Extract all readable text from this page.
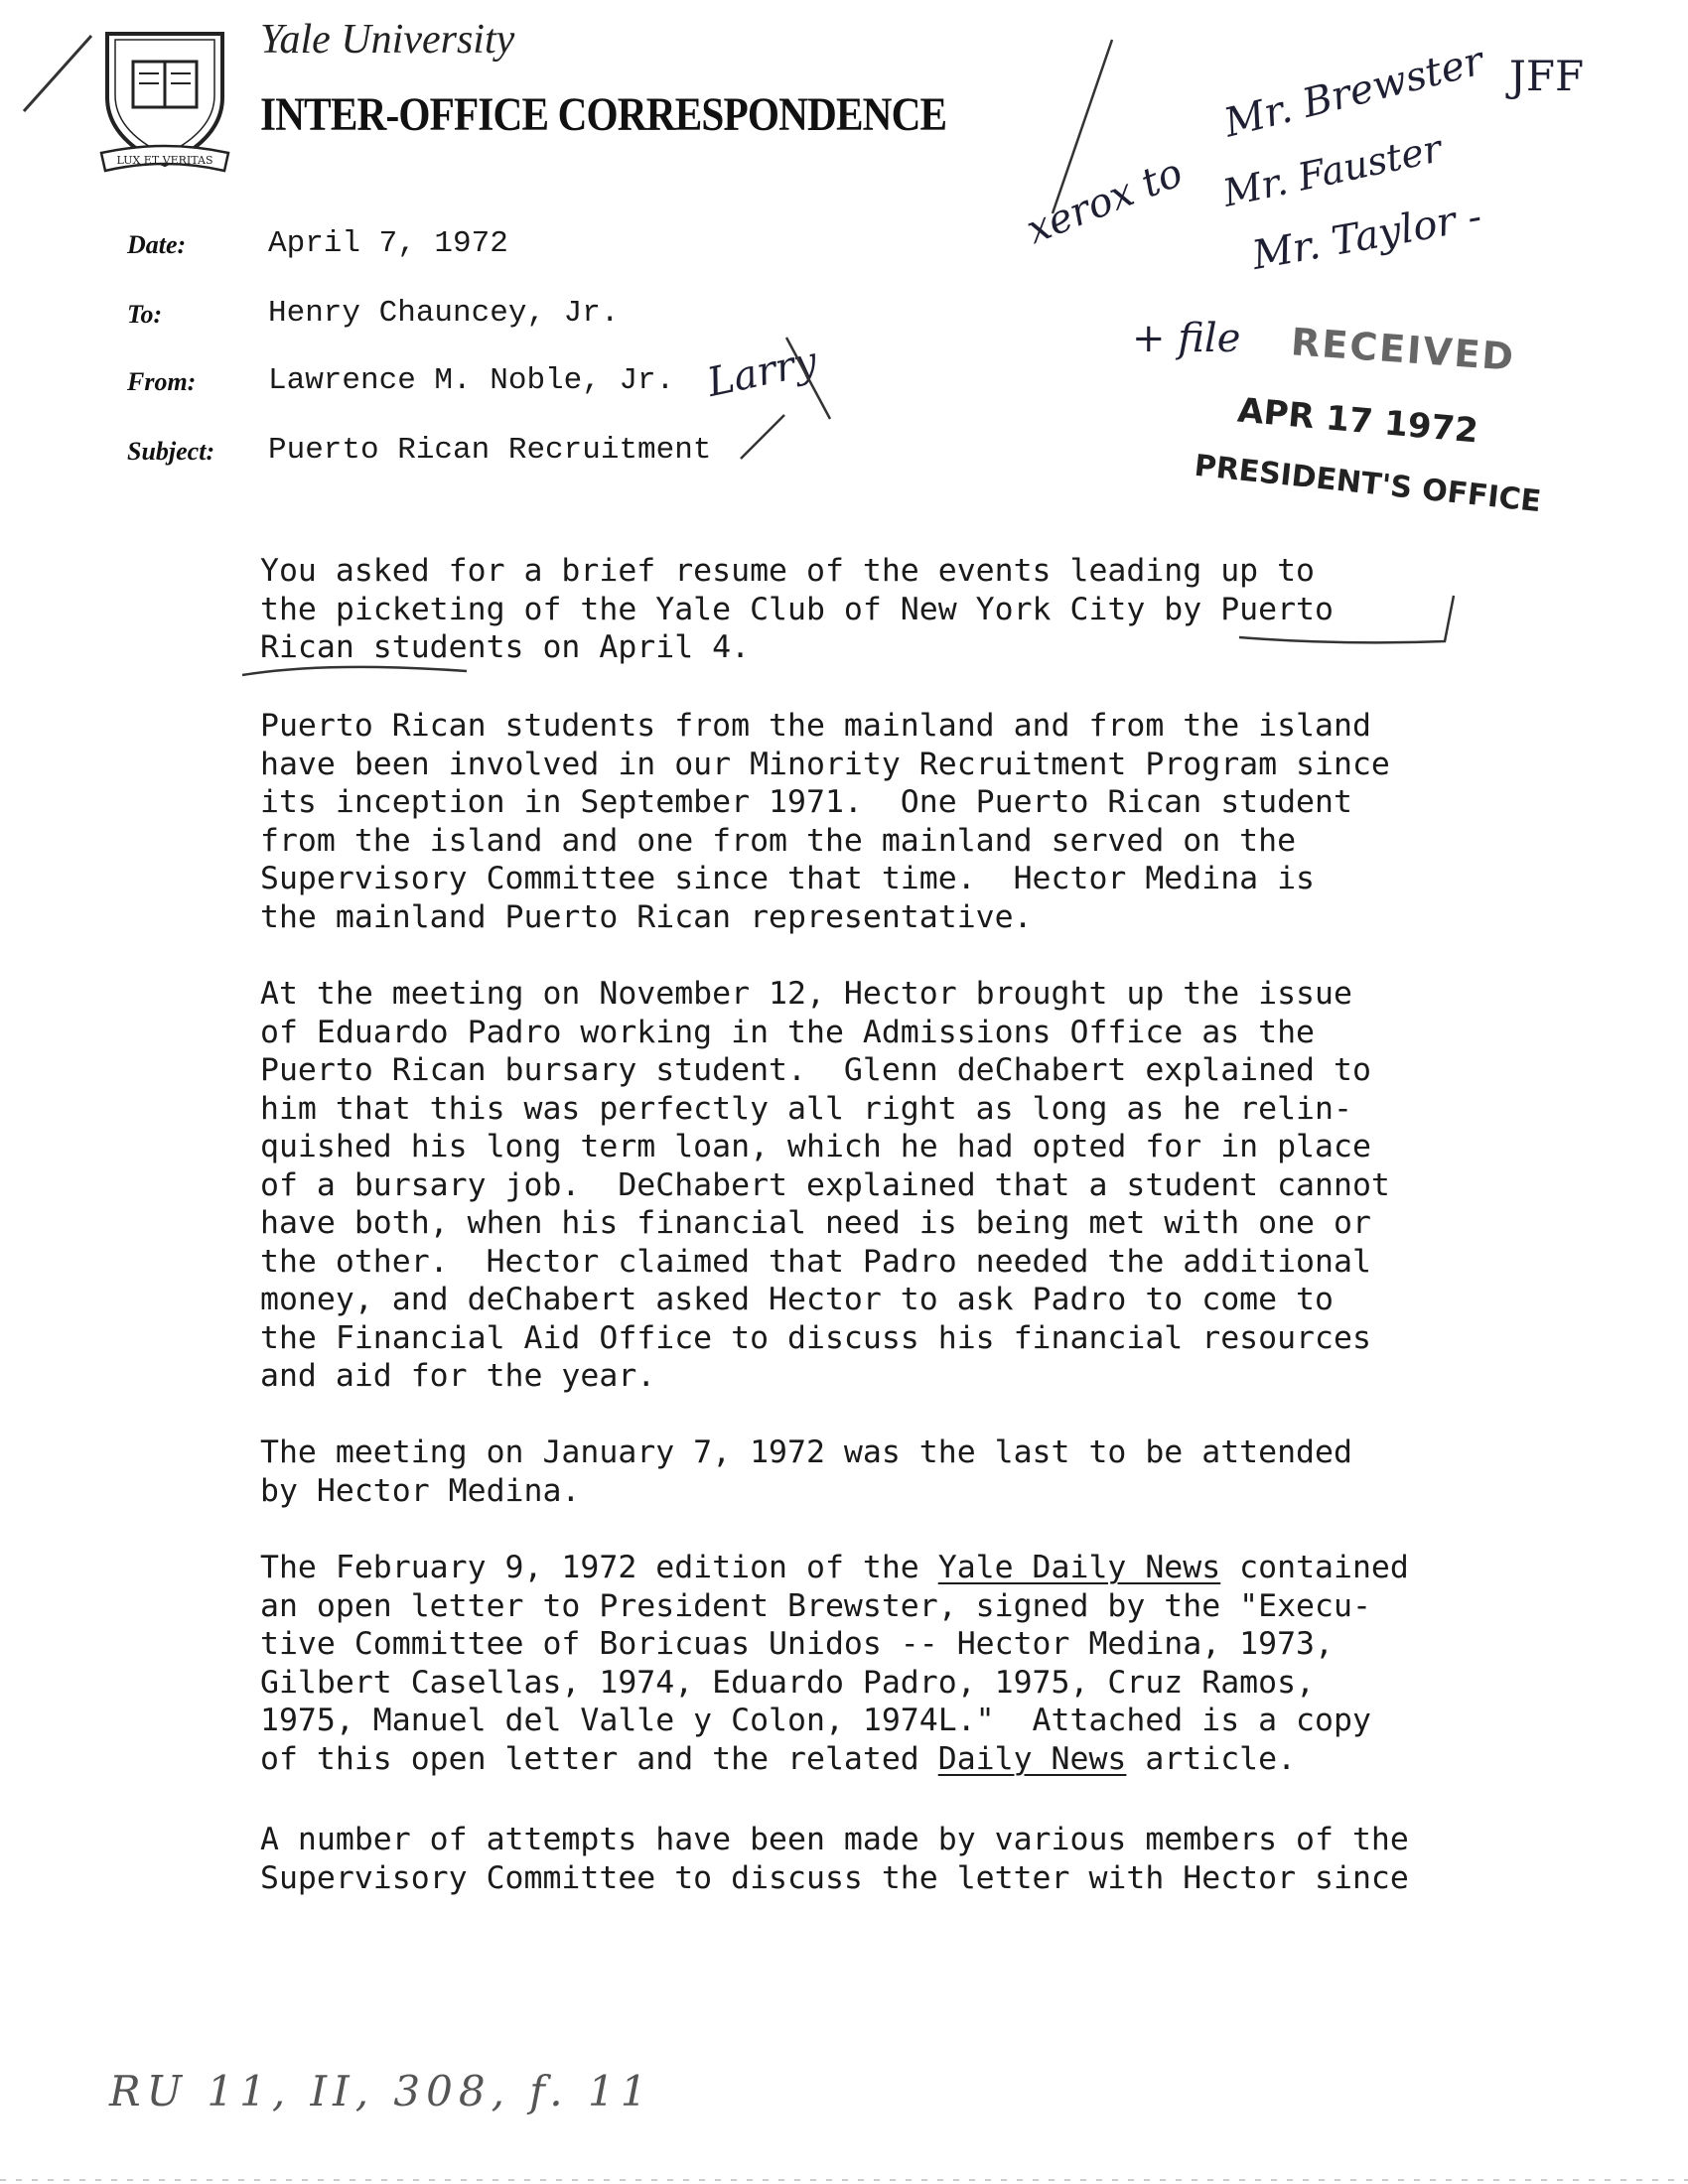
LUX ET VERITAS
Yale University
INTER-OFFICE CORRESPONDENCE
Date:	April 7, 1972
To:	Henry Chauncey, Jr.
From: Lawrence M. Noble, Jr.
Subject: Puerto Rican Recruitment
Larry
JFF
xerox to
Mr. Brewster
Mr. Fauster
Mr. Taylor -
+ file RECEIVED
APR 17 1972
PRESIDENT'S OFFICE
You asked for a brief resume of the events leading up to
the picketing of the Yale Club of New York City by Puerto
Rican students on April 4.
Puerto Rican students from the mainland and from the island
have been involved in our Minority Recruitment Program since
its inception in September 1971.  One Puerto Rican student
from the island and one from the mainland served on the
Supervisory Committee since that time.  Hector Medina is
the mainland Puerto Rican representative.
At the meeting on November 12, Hector brought up the issue
of Eduardo Padro working in the Admissions Office as the
Puerto Rican bursary student.  Glenn deChabert explained to
him that this was perfectly all right as long as he relin-
quished his long term loan, which he had opted for in place
of a bursary job.  DeChabert explained that a student cannot
have both, when his financial need is being met with one or
the other.  Hector claimed that Padro needed the additional
money, and deChabert asked Hector to ask Padro to come to
the Financial Aid Office to discuss his financial resources
and aid for the year.
The meeting on January 7, 1972 was the last to be attended
by Hector Medina.
The February 9, 1972 edition of the Yale Daily News contained
an open letter to President Brewster, signed by the "Execu-
tive Committee of Boricuas Unidos -- Hector Medina, 1973,
Gilbert Casellas, 1974, Eduardo Padro, 1975, Cruz Ramos,
1975, Manuel del Valle y Colon, 1974L."  Attached is a copy
of this open letter and the related Daily News article.
A number of attempts have been made by various members of the
Supervisory Committee to discuss the letter with Hector since
RU 11, II, 308, f. 11
